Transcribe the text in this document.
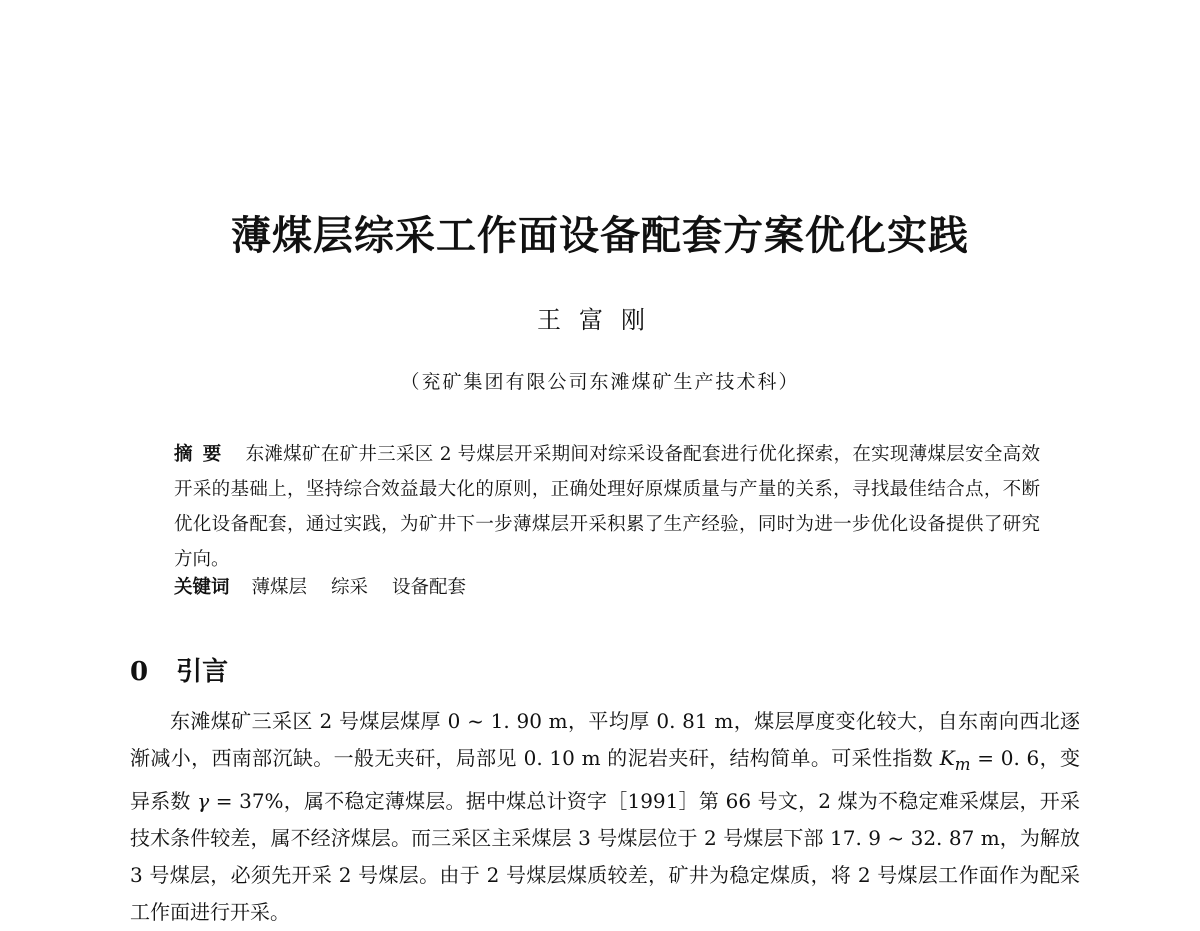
薄煤层综采工作面设备配套方案优化实践

王富刚

（兖矿集团有限公司东滩煤矿生产技术科）

摘要 东滩煤矿在矿井三采区 2 号煤层开采期间对综采设备配套进行优化探索，在实现薄煤层安全高效开采的基础上，坚持综合效益最大化的原则，正确处理好原煤质量与产量的关系，寻找最佳结合点，不断优化设备配套，通过实践，为矿井下一步薄煤层开采积累了生产经验，同时为进一步优化设备提供了研究方向。

关键词 薄煤层 综采 设备配套

0 引言

东滩煤矿三采区 2 号煤层煤厚 0 ~ 1. 90 m，平均厚 0. 81 m，煤层厚度变化较大，自东南向西北逐渐减小，西南部沉缺。一般无夹矸，局部见 0. 10 m 的泥岩夹矸，结构简单。可采性指数 $K_m = 0$. 6，变异系数 γ = 37%，属不稳定薄煤层。据中煤总计资字［1991］第 66 号文，2 煤为不稳定难采煤层，开采技术条件较差，属不经济煤层。而三采区主采煤层 3 号煤层位于 2 号煤层下部 17. 9 ~ 32. 87 m，为解放 3 号煤层，必须先开采 2 号煤层。由于 2 号煤层煤质较差，矿井为稳定煤质，将 2 号煤层工作面作为配采工作面进行开采。
